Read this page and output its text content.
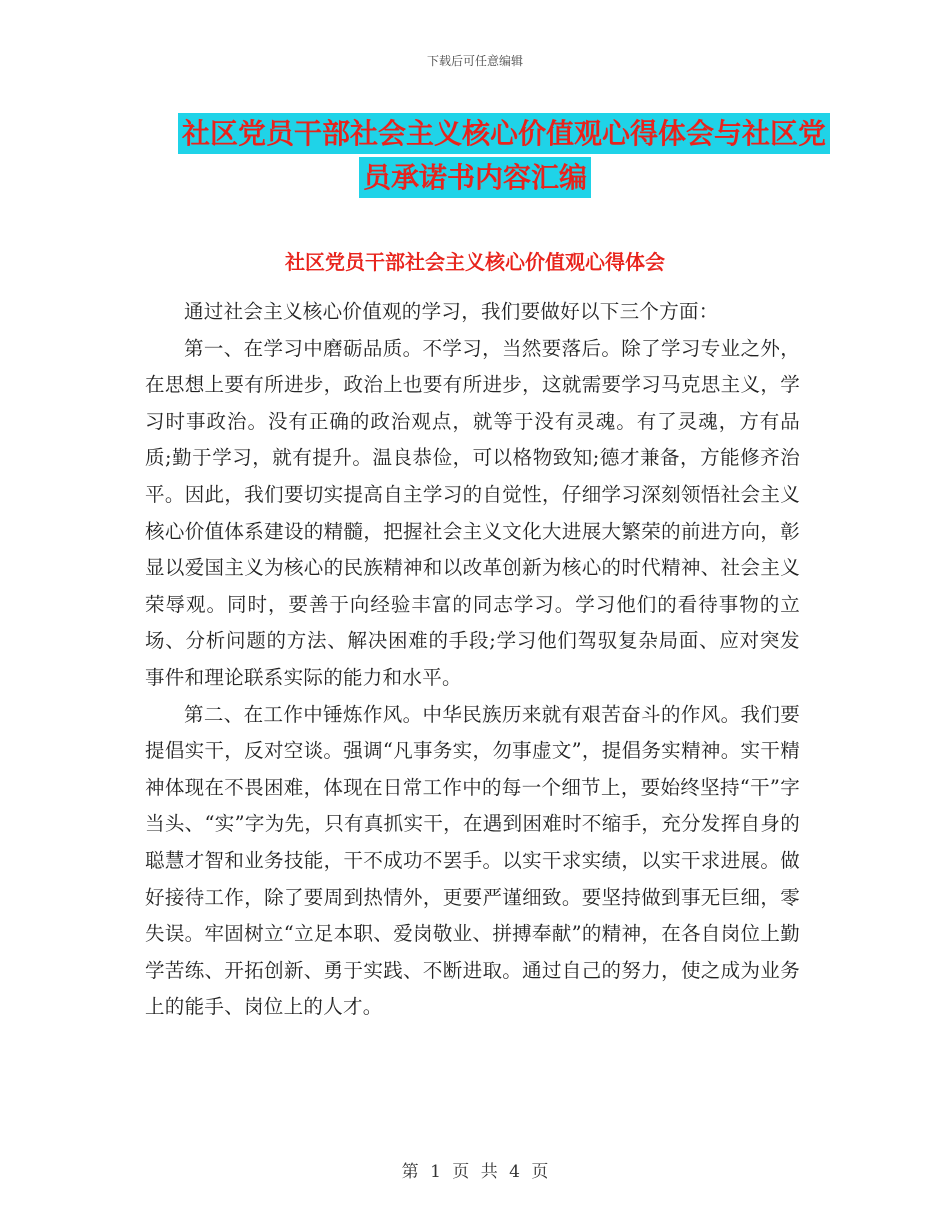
下载后可任意编辑
社区党员干部社会主义核心价值观心得体会与社区党
员承诺书内容汇编
社区党员干部社会主义核心价值观心得体会

通过社会主义核心价值观的学习，我们要做好以下三个方面：

第一、在学习中磨砺品质。不学习，当然要落后。除了学习专业之外，在思想上要有所进步，政治上也要有所进步，这就需要学习马克思主义，学习时事政治。没有正确的政治观点，就等于没有灵魂。有了灵魂，方有品质;勤于学习，就有提升。温良恭俭，可以格物致知;德才兼备，方能修齐治平。因此，我们要切实提高自主学习的自觉性，仔细学习深刻领悟社会主义核心价值体系建设的精髓，把握社会主义文化大进展大繁荣的前进方向，彰显以爱国主义为核心的民族精神和以改革创新为核心的时代精神、社会主义荣辱观。同时，要善于向经验丰富的同志学习。学习他们的看待事物的立场、分析问题的方法、解决困难的手段;学习他们驾驭复杂局面、应对突发事件和理论联系实际的能力和水平。

第二、在工作中锤炼作风。中华民族历来就有艰苦奋斗的作风。我们要提倡实干，反对空谈。强调“凡事务实，勿事虚文”，提倡务实精神。实干精神体现在不畏困难，体现在日常工作中的每一个细节上，要始终坚持“干”字当头、“实”字为先，只有真抓实干，在遇到困难时不缩手，充分发挥自身的聪慧才智和业务技能，干不成功不罢手。以实干求实绩，以实干求进展。做好接待工作，除了要周到热情外，更要严谨细致。要坚持做到事无巨细，零失误。牢固树立“立足本职、爱岗敬业、拼搏奉献”的精神，在各自岗位上勤学苦练、开拓创新、勇于实践、不断进取。通过自己的努力，使之成为业务上的能手、岗位上的人才。

第 1 页 共 4 页
